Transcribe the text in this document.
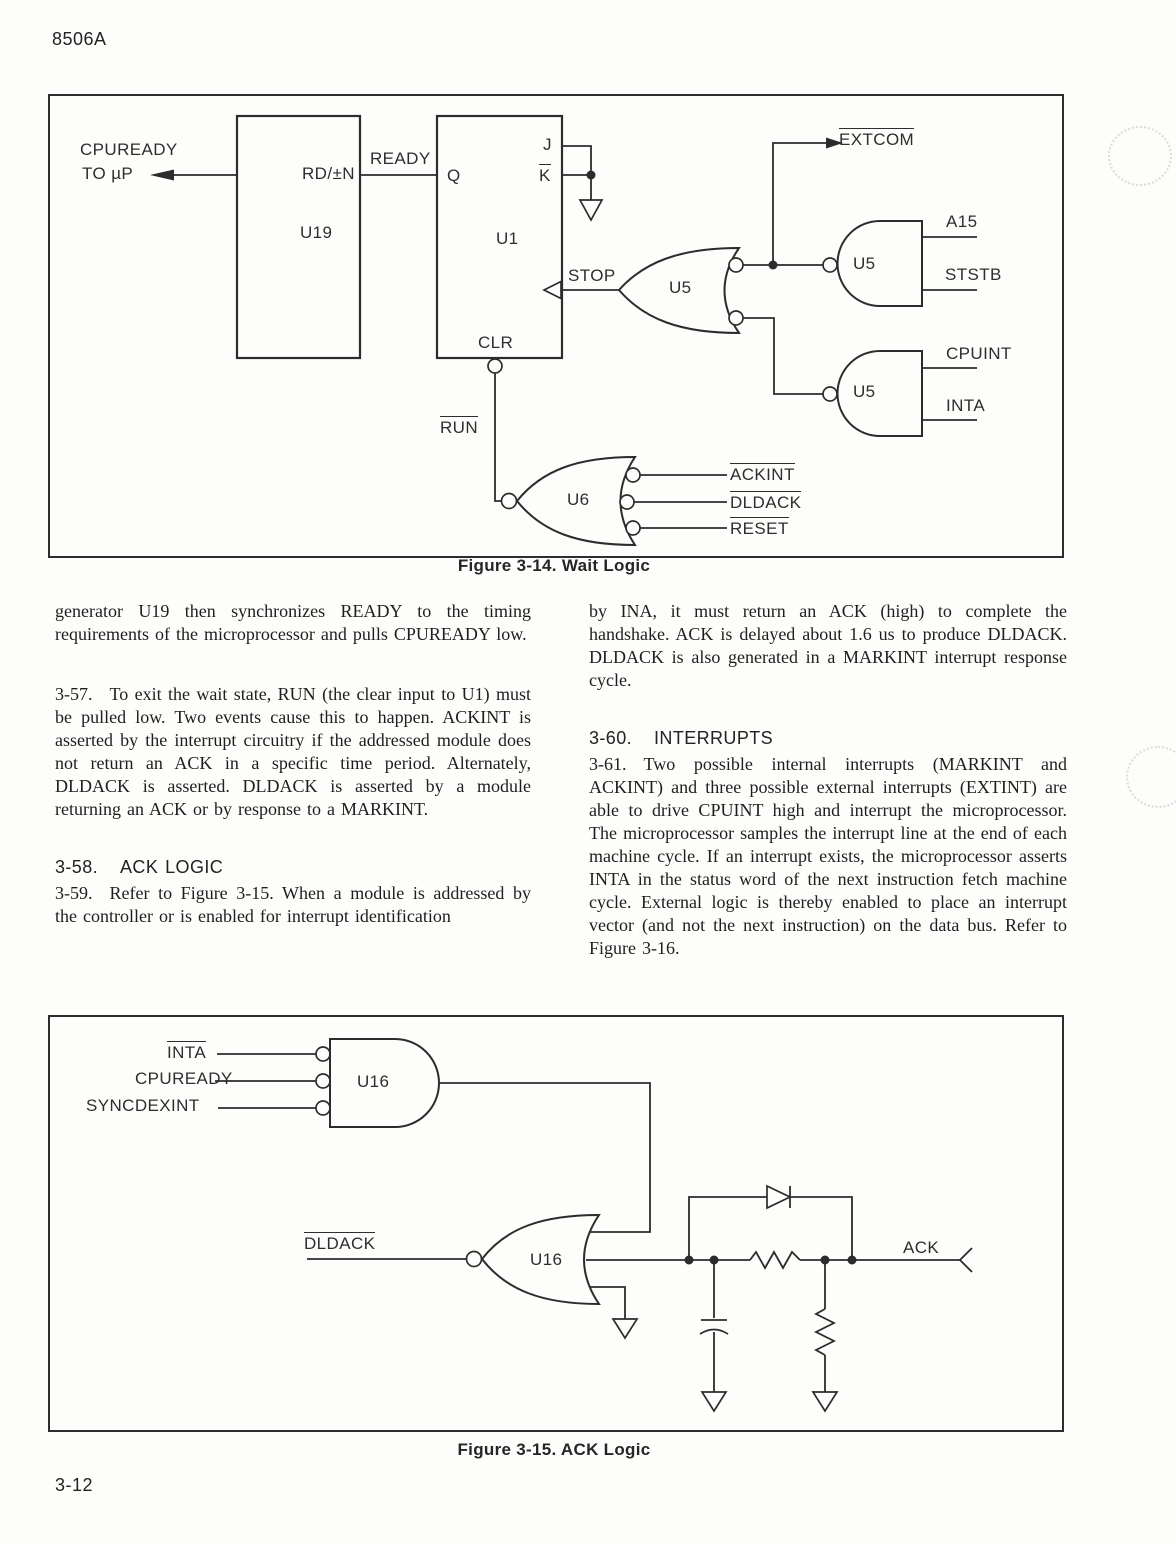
8506A
CPUREADY
TO µP	RD/±N
U19
READY
Q
J
K
U1
CLR
STOP
U5
EXTCOM
U5
A15
STSTB
U5
CPUINT
INTA
RUN
U6
ACKINT
DLDACK
RESET
Figure 3-14. Wait Logic

generator U19 then synchronizes READY to the timing requirements of the microprocessor and pulls CPUREADY low.

3-57. To exit the wait state, RUN (the clear input to U1) must be pulled low. Two events cause this to happen. ACKINT is asserted by the interrupt circuitry if the addressed module does not return an ACK in a specific time period. Alternately, DLDACK is asserted. DLDACK is asserted by a module returning an ACK or by response to a MARKINT.

3-58. ACK LOGIC

3-59. Refer to Figure 3-15. When a module is addressed by the controller or is enabled for interrupt identification

by INA, it must return an ACK (high) to complete the handshake. ACK is delayed about 1.6 us to produce DLDACK. DLDACK is also generated in a MARKINT interrupt response cycle.

3-60. INTERRUPTS

3-61. Two possible internal interrupts (MARKINT and ACKINT) and three possible external interrupts (EXTINT) are able to drive CPUINT high and interrupt the microprocessor. The microprocessor samples the interrupt line at the end of each machine cycle. If an interrupt exists, the microprocessor asserts INTA in the status word of the next instruction fetch machine cycle. External logic is thereby enabled to place an interrupt vector (and not the next instruction) on the data bus. Refer to Figure 3-16.

INTA
CPUREADY
SYNCDEXINT
U16
DLDACK
U16
ACK
Figure 3-15. ACK Logic
3-12
